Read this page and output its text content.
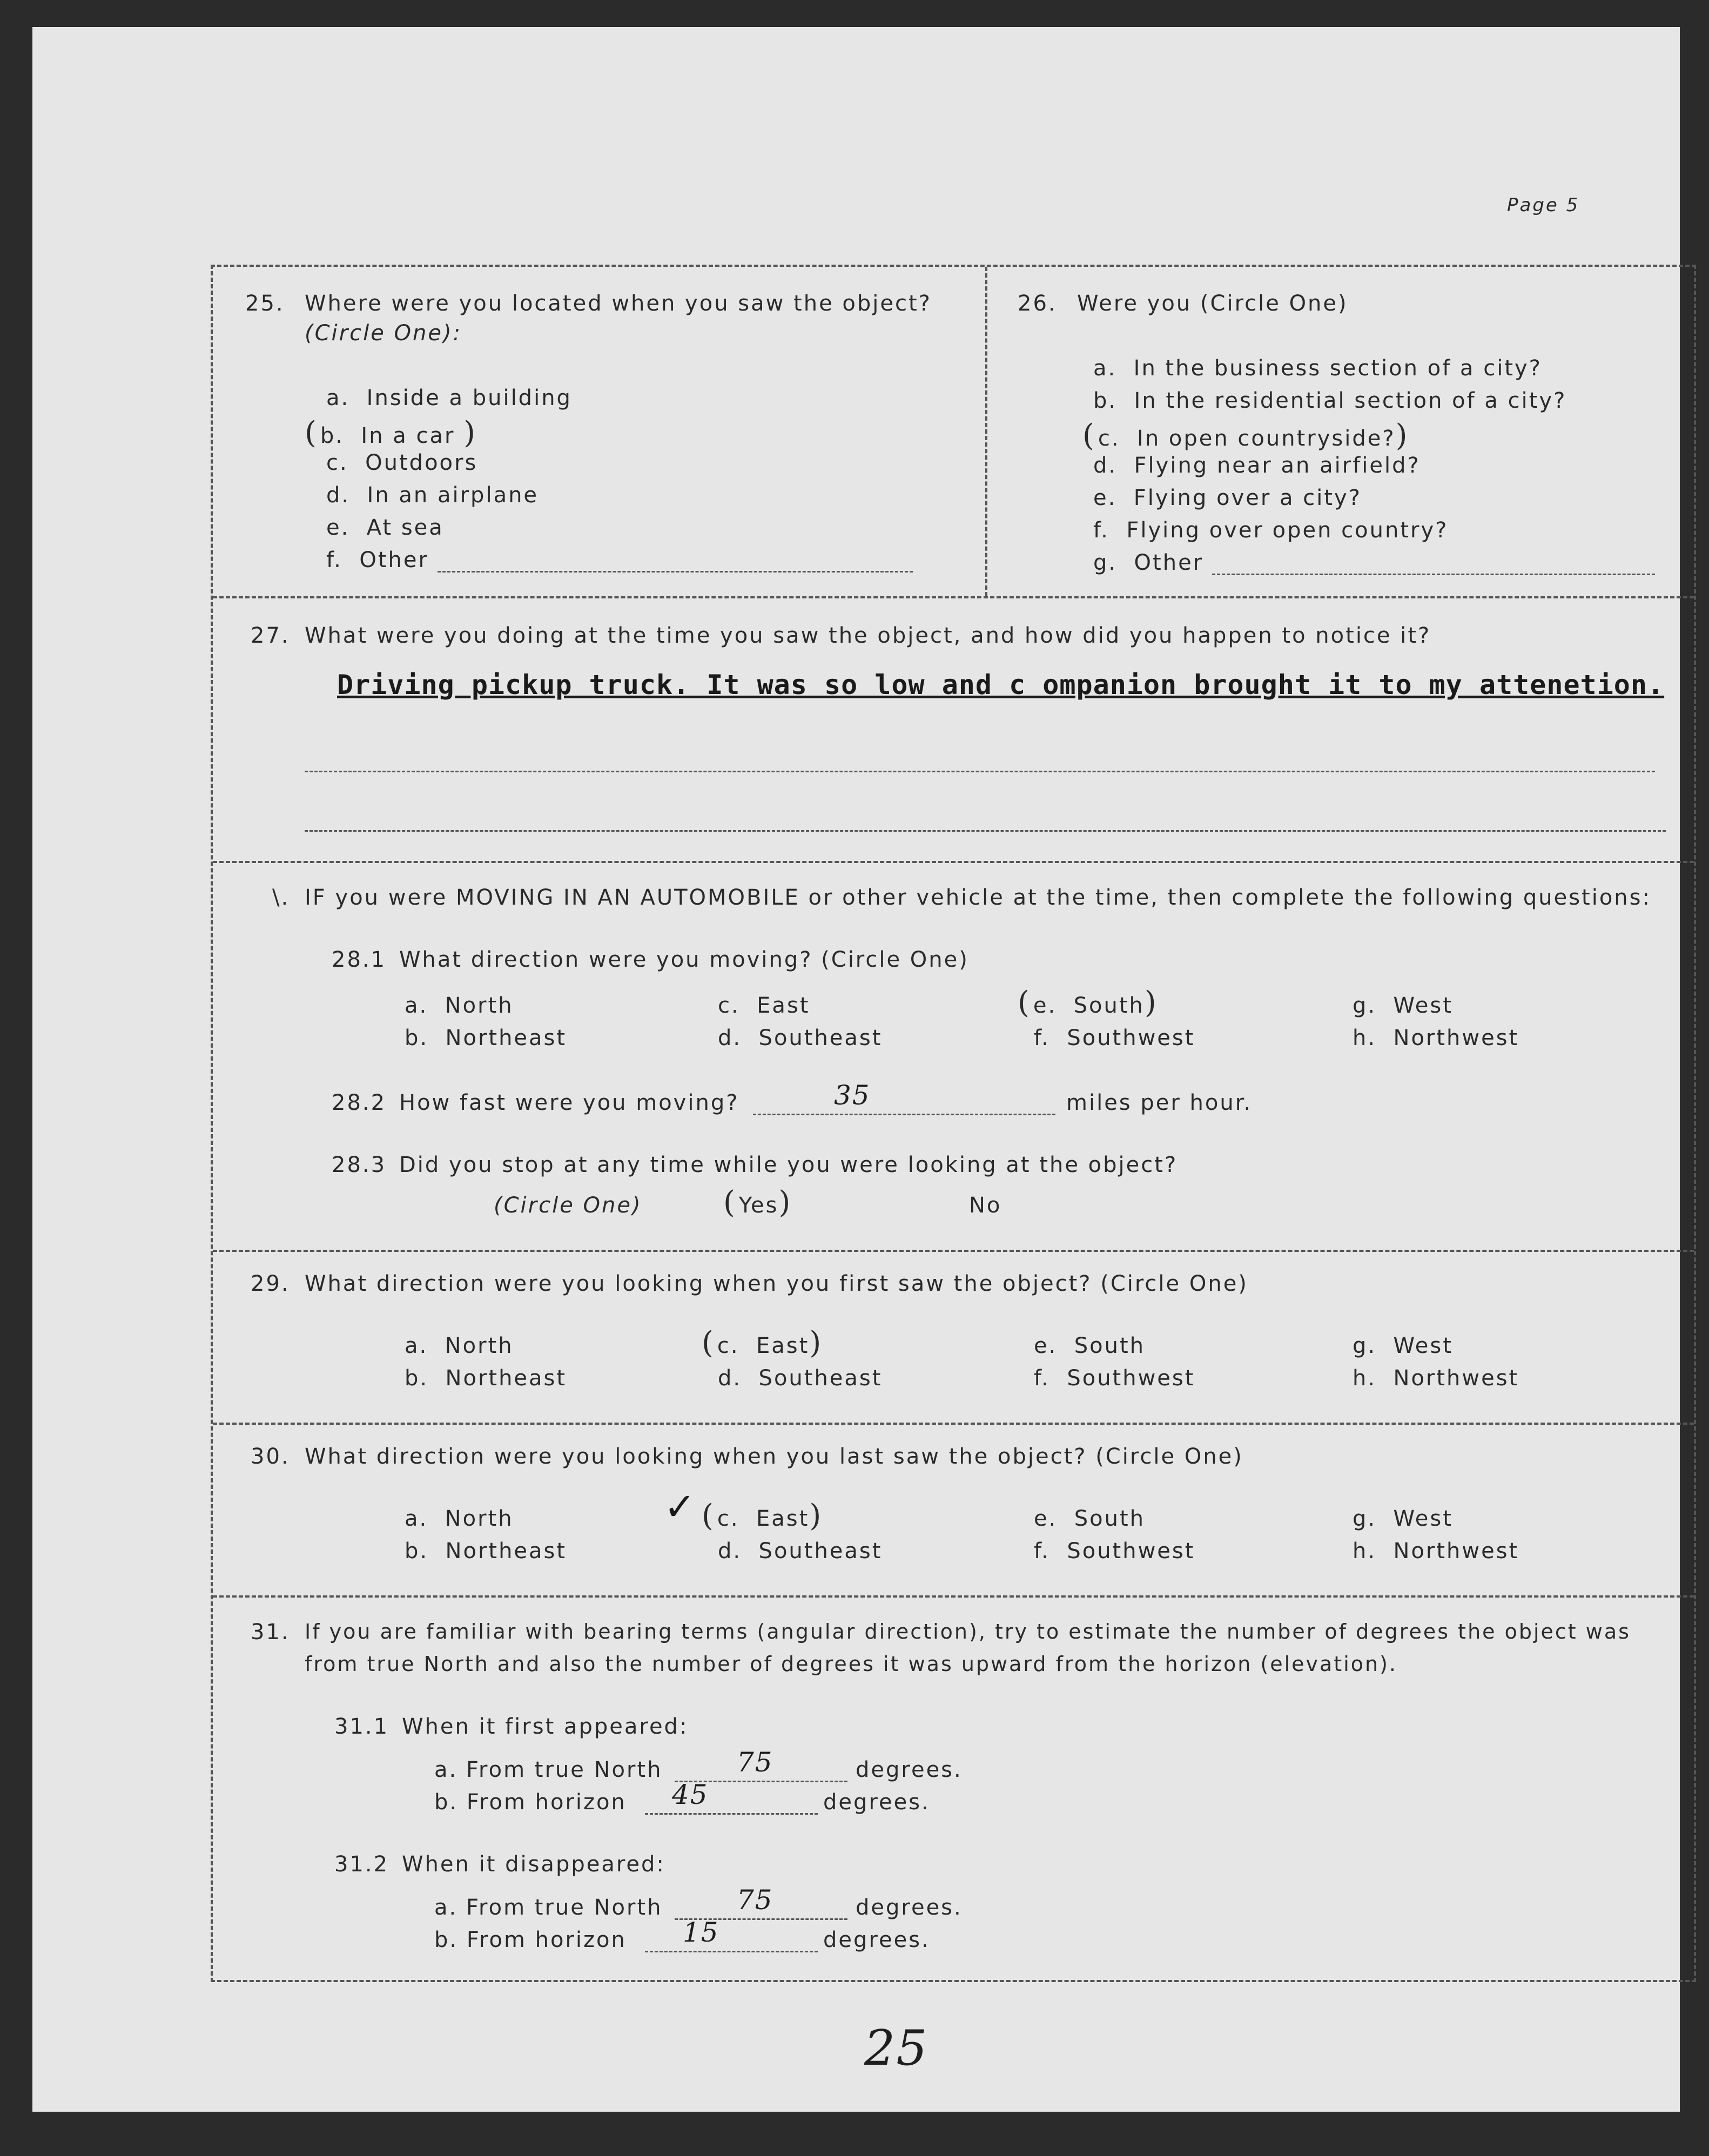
Page 5
25. Where were you located when you saw the object?
(Circle One):
a. Inside a building
( b. In a car )
c. Outdoors
d. In an airplane
e. At sea
f. Other
26. Were you (Circle One)
a. In the business section of a city?
b. In the residential section of a city?
( c. In open countryside?)
d. Flying near an airfield?
e. Flying over a city?
f. Flying over open country?
g. Other
27. What were you doing at the time you saw the object, and how did you happen to notice it?
Driving pickup truck. It was so low and c ompanion brought it to my attenetion.
\. IF you were MOVING IN AN AUTOMOBILE or other vehicle at the time, then complete the following questions:
28.1 What direction were you moving? (Circle One)
a. North
b. Northeast
c. East
d. Southeast
( e. South)
f. Southwest
g. West
h. Northwest
28.2 How fast were you moving?	35	miles per hour.
28.3 Did you stop at any time while you were looking at the object?
(Circle One)	( Yes)	No
29. What direction were you looking when you first saw the object? (Circle One)
a. North
b. Northeast
( c. East)
d. Southeast
e. South
f. Southwest
g. West
h. Northwest
30. What direction were you looking when you last saw the object? (Circle One)
a. North
b. Northeast
✓ ( c. East)
d. Southeast
e. South
f. Southwest
g. West
h. Northwest
31. If you are familiar with bearing terms (angular direction), try to estimate the number of degrees the object was
from true North and also the number of degrees it was upward from the horizon (elevation).
31.1 When it first appeared:
a. From true North	75	degrees.
b. From horizon 45	degrees.
31.2 When it disappeared:
a. From true North	75	degrees.
b. From horizon 15	degrees.
25
